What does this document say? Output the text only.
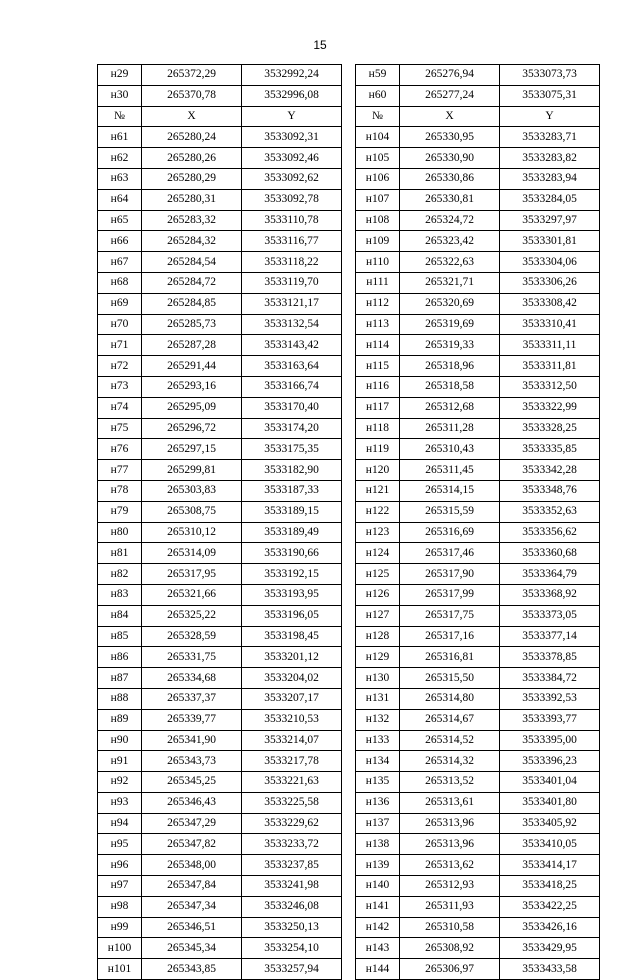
15
н29	265372,29	3532992,24		н59	265276,94	3533073,73
н30	265370,78	3532996,08		н60	265277,24	3533075,31
№	X	Y		№	X	Y
н61	265280,24	3533092,31		н104	265330,95	3533283,71
н62	265280,26	3533092,46		н105	265330,90	3533283,82
н63	265280,29	3533092,62		н106	265330,86	3533283,94
н64	265280,31	3533092,78		н107	265330,81	3533284,05
н65	265283,32	3533110,78		н108	265324,72	3533297,97
н66	265284,32	3533116,77		н109	265323,42	3533301,81
н67	265284,54	3533118,22		н110	265322,63	3533304,06
н68	265284,72	3533119,70		н111	265321,71	3533306,26
н69	265284,85	3533121,17		н112	265320,69	3533308,42
н70	265285,73	3533132,54		н113	265319,69	3533310,41
н71	265287,28	3533143,42		н114	265319,33	3533311,11
н72	265291,44	3533163,64		н115	265318,96	3533311,81
н73	265293,16	3533166,74		н116	265318,58	3533312,50
н74	265295,09	3533170,40		н117	265312,68	3533322,99
н75	265296,72	3533174,20		н118	265311,28	3533328,25
н76	265297,15	3533175,35		н119	265310,43	3533335,85
н77	265299,81	3533182,90		н120	265311,45	3533342,28
н78	265303,83	3533187,33		н121	265314,15	3533348,76
н79	265308,75	3533189,15		н122	265315,59	3533352,63
н80	265310,12	3533189,49		н123	265316,69	3533356,62
н81	265314,09	3533190,66		н124	265317,46	3533360,68
н82	265317,95	3533192,15		н125	265317,90	3533364,79
н83	265321,66	3533193,95		н126	265317,99	3533368,92
н84	265325,22	3533196,05		н127	265317,75	3533373,05
н85	265328,59	3533198,45		н128	265317,16	3533377,14
н86	265331,75	3533201,12		н129	265316,81	3533378,85
н87	265334,68	3533204,02		н130	265315,50	3533384,72
н88	265337,37	3533207,17		н131	265314,80	3533392,53
н89	265339,77	3533210,53		н132	265314,67	3533393,77
н90	265341,90	3533214,07		н133	265314,52	3533395,00
н91	265343,73	3533217,78		н134	265314,32	3533396,23
н92	265345,25	3533221,63		н135	265313,52	3533401,04
н93	265346,43	3533225,58		н136	265313,61	3533401,80
н94	265347,29	3533229,62		н137	265313,96	3533405,92
н95	265347,82	3533233,72		н138	265313,96	3533410,05
н96	265348,00	3533237,85		н139	265313,62	3533414,17
н97	265347,84	3533241,98		н140	265312,93	3533418,25
н98	265347,34	3533246,08		н141	265311,93	3533422,25
н99	265346,51	3533250,13		н142	265310,58	3533426,16
н100	265345,34	3533254,10		н143	265308,92	3533429,95
н101	265343,85	3533257,94		н144	265306,97	3533433,58
